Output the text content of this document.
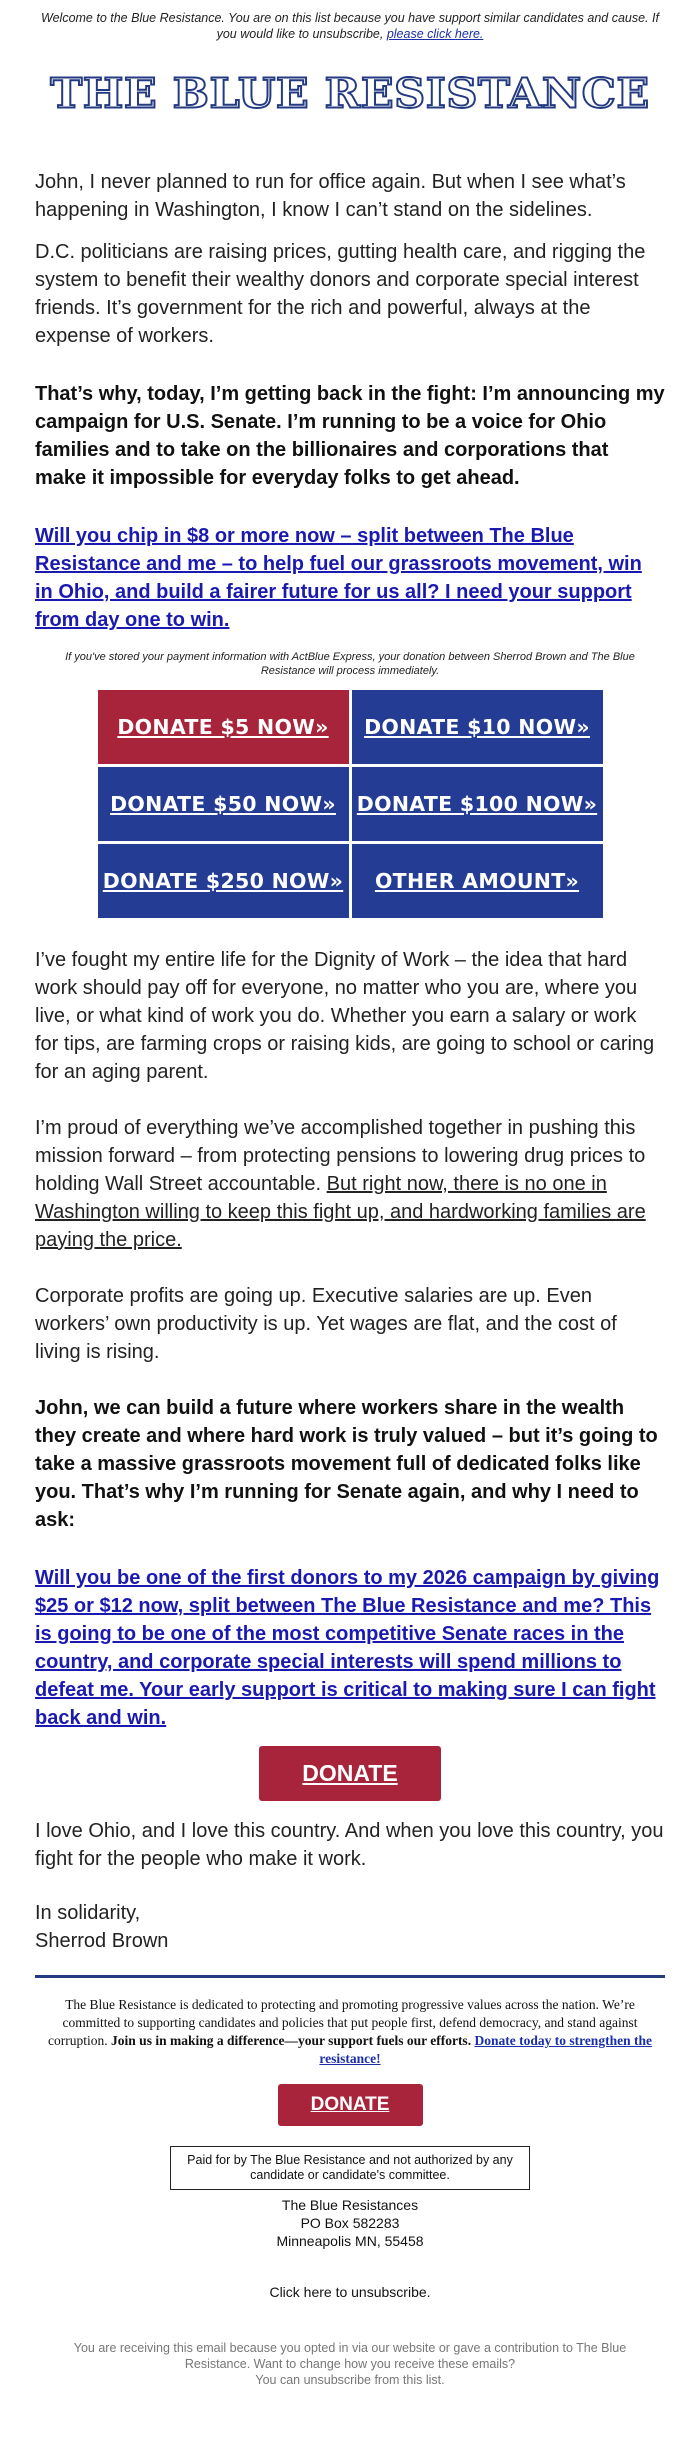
Welcome to the Blue Resistance. You are on this list because you have support similar candidates and cause. If you would like to unsubscribe, please click here.
THE BLUE RESISTANCE

John, I never planned to run for office again. But when I see what’s happening in Washington, I know I can’t stand on the sidelines.

D.C. politicians are raising prices, gutting health care, and rigging the system to benefit their wealthy donors and corporate special interest friends. It’s government for the rich and powerful, always at the expense of workers.

That’s why, today, I’m getting back in the fight: I’m announcing my campaign for U.S. Senate. I’m running to be a voice for Ohio families and to take on the billionaires and corporations that make it impossible for everyday folks to get ahead.

Will you chip in $8 or more now – split between The Blue Resistance and me – to help fuel our grassroots movement, win in Ohio, and build a fairer future for us all? I need your support from day one to win.

If you've stored your payment information with ActBlue Express, your donation between Sherrod Brown and The Blue Resistance will process immediately.

DONATE $5 NOW»	DONATE $10 NOW»
DONATE $50 NOW»	DONATE $100 NOW»
DONATE $250 NOW»	OTHER AMOUNT»

I’ve fought my entire life for the Dignity of Work – the idea that hard work should pay off for everyone, no matter who you are, where you live, or what kind of work you do. Whether you earn a salary or work for tips, are farming crops or raising kids, are going to school or caring for an aging parent.

I’m proud of everything we’ve accomplished together in pushing this mission forward – from protecting pensions to lowering drug prices to holding Wall Street accountable. But right now, there is no one in Washington willing to keep this fight up, and hardworking families are paying the price.

Corporate profits are going up. Executive salaries are up. Even workers’ own productivity is up. Yet wages are flat, and the cost of living is rising.

John, we can build a future where workers share in the wealth they create and where hard work is truly valued – but it’s going to take a massive grassroots movement full of dedicated folks like you. That’s why I’m running for Senate again, and why I need to ask:

Will you be one of the first donors to my 2026 campaign by giving $25 or $12 now, split between The Blue Resistance and me? This is going to be one of the most competitive Senate races in the country, and corporate special interests will spend millions to defeat me. Your early support is critical to making sure I can fight back and win.

DONATE

I love Ohio, and I love this country. And when you love this country, you fight for the people who make it work.

In solidarity,

Sherrod Brown

The Blue Resistance is dedicated to protecting and promoting progressive values across the nation. We’re committed to supporting candidates and policies that put people first, defend democracy, and stand against corruption. Join us in making a difference—your support fuels our efforts. Donate today to strengthen the resistance!

DONATE
Paid for by The Blue Resistance and not authorized by any candidate or candidate's committee.
The Blue Resistances
PO Box 582283
Minneapolis MN, 55458

Click here to unsubscribe.

You are receiving this email because you opted in via our website or gave a contribution to The Blue Resistance. Want to change how you receive these emails?

You can unsubscribe from this list.
